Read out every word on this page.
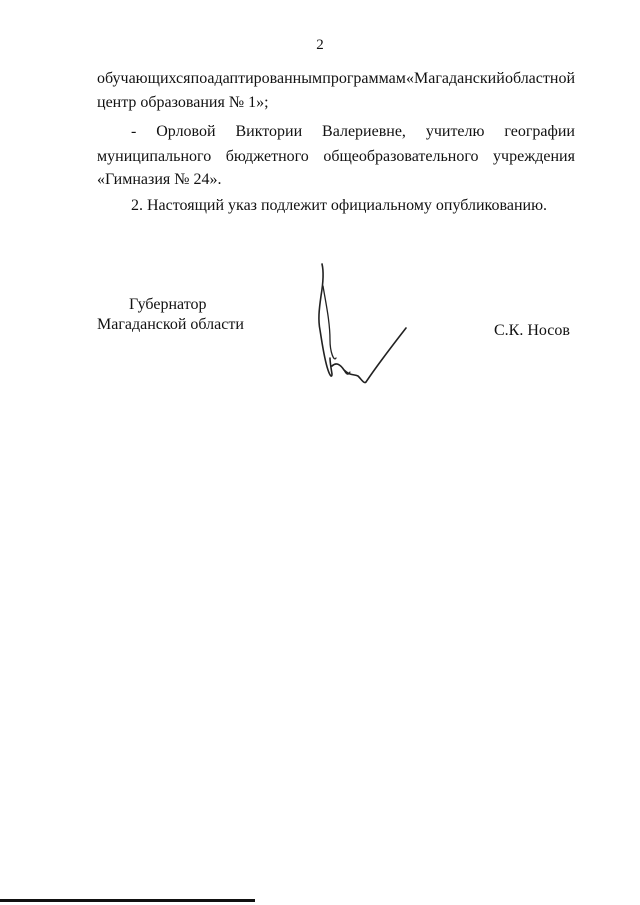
2
обучающихся по адаптированным программам «Магаданский областной
центр образования № 1»;
- Орловой Виктории Валериевне, учителю географии
муниципального бюджетного общеобразовательного учреждения
«Гимназия № 24».
2. Настоящий указ подлежит официальному опубликованию.
Губернатор
Магаданской области	С.К. Носов
